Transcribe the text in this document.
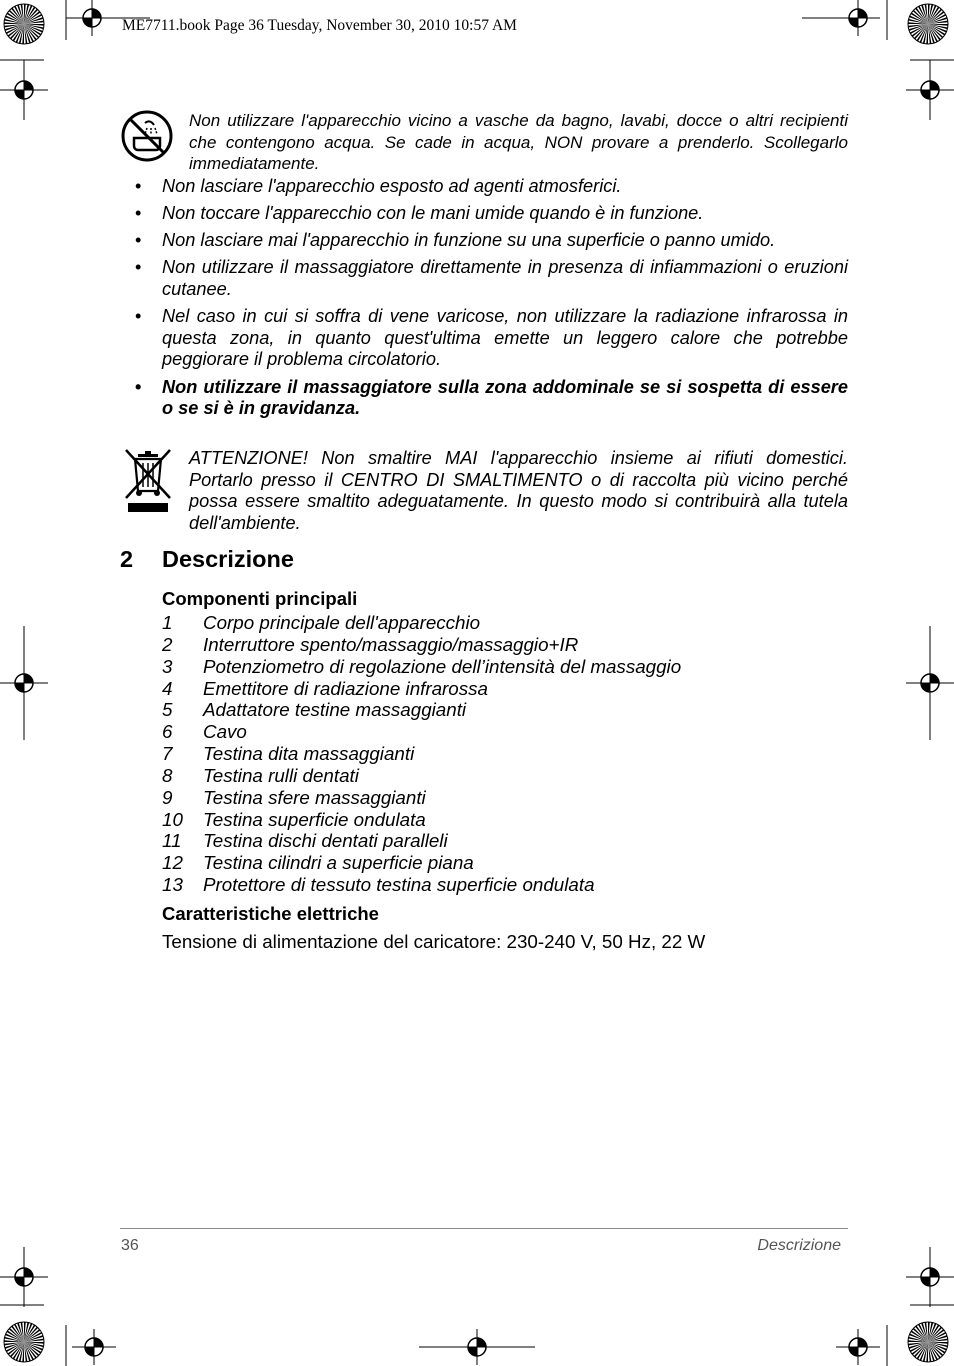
ME7711.book Page 36 Tuesday, November 30, 2010 10:57 AM
Non utilizzare l'apparecchio vicino a vasche da bagno, lavabi, docce o altri recipienti che contengono acqua. Se cade in acqua, NON provare a prenderlo. Scollegarlo immediatamente.
• Non lasciare l'apparecchio esposto ad agenti atmosferici.
• Non toccare l'apparecchio con le mani umide quando è in funzione.
• Non lasciare mai l'apparecchio in funzione su una superficie o panno umido.
• Non utilizzare il massaggiatore direttamente in presenza di infiammazioni o eruzioni cutanee.
• Nel caso in cui si soffra di vene varicose, non utilizzare la radiazione infrarossa in questa zona, in quanto quest'ultima emette un leggero calore che potrebbe peggiorare il problema circolatorio.
• Non utilizzare il massaggiatore sulla zona addominale se si sospetta di essere o se si è in gravidanza.
ATTENZIONE! Non smaltire MAI l'apparecchio insieme ai rifiuti domestici. Portarlo presso il CENTRO DI SMALTIMENTO o di raccolta più vicino perché possa essere smaltito adeguatamente. In questo modo si contribuirà alla tutela dell'ambiente.
2 Descrizione
Componenti principali
1	Corpo principale dell'apparecchio
2	Interruttore spento/massaggio/massaggio+IR
3	Potenziometro di regolazione dell’intensità del massaggio
4	Emettitore di radiazione infrarossa
5	Adattatore testine massaggianti
6	Cavo
7	Testina dita massaggianti
8	Testina rulli dentati
9	Testina sfere massaggianti
10	Testina superficie ondulata
11	Testina dischi dentati paralleli
12	Testina cilindri a superficie piana
13	Protettore di tessuto testina superficie ondulata
Caratteristiche elettriche
Tensione di alimentazione del caricatore: 230-240 V, 50 Hz, 22 W
36	Descrizione
